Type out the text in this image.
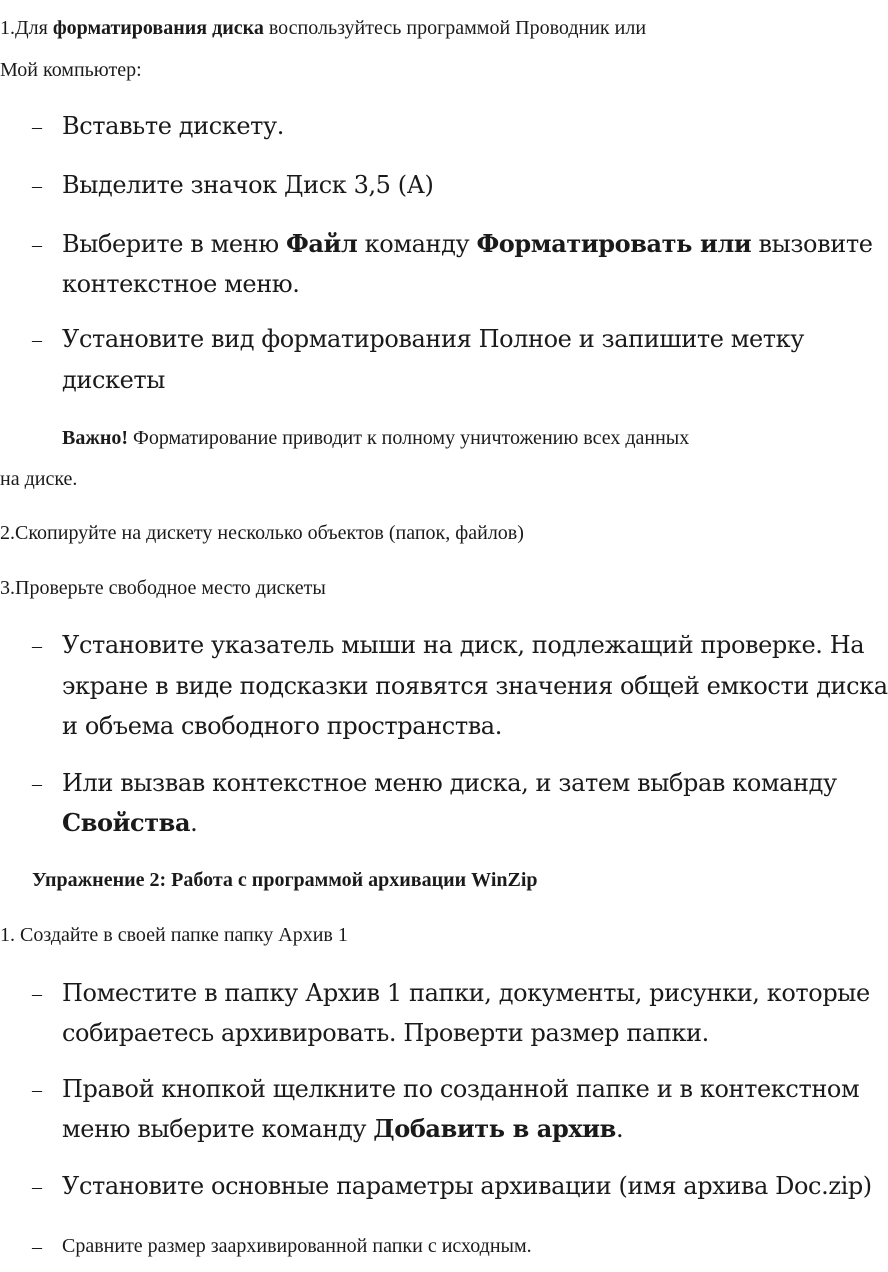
1.Для форматирования диска воспользуйтесь программой Проводник или
Мой компьютер:
– Вставьте дискету.
– Выделите значок Диск 3,5 (А)
– Выберите в меню Файл команду Форматировать или вызовите
контекстное меню.
– Установите вид форматирования Полное и запишите метку
дискеты
Важно! Форматирование приводит к полному уничтожению всех данных
на диске.
2.Скопируйте на дискету несколько объектов (папок, файлов)
3.Проверьте свободное место дискеты
– Установите указатель мыши на диск, подлежащий проверке. На
экране в виде подсказки появятся значения общей емкости диска
и объема свободного пространства.
– Или вызвав контекстное меню диска, и затем выбрав команду
Свойства.
Упражнение 2: Работа с программой архивации WinZip
1. Создайте в своей папке папку Архив 1
– Поместите в папку Архив 1 папки, документы, рисунки, которые
собираетесь архивировать. Проверти размер папки.
– Правой кнопкой щелкните по созданной папке и в контекстном
меню выберите команду Добавить в архив.
– Установите основные параметры архивации (имя архива Doc.zip)
– Сравните размер заархивированной папки с исходным.
